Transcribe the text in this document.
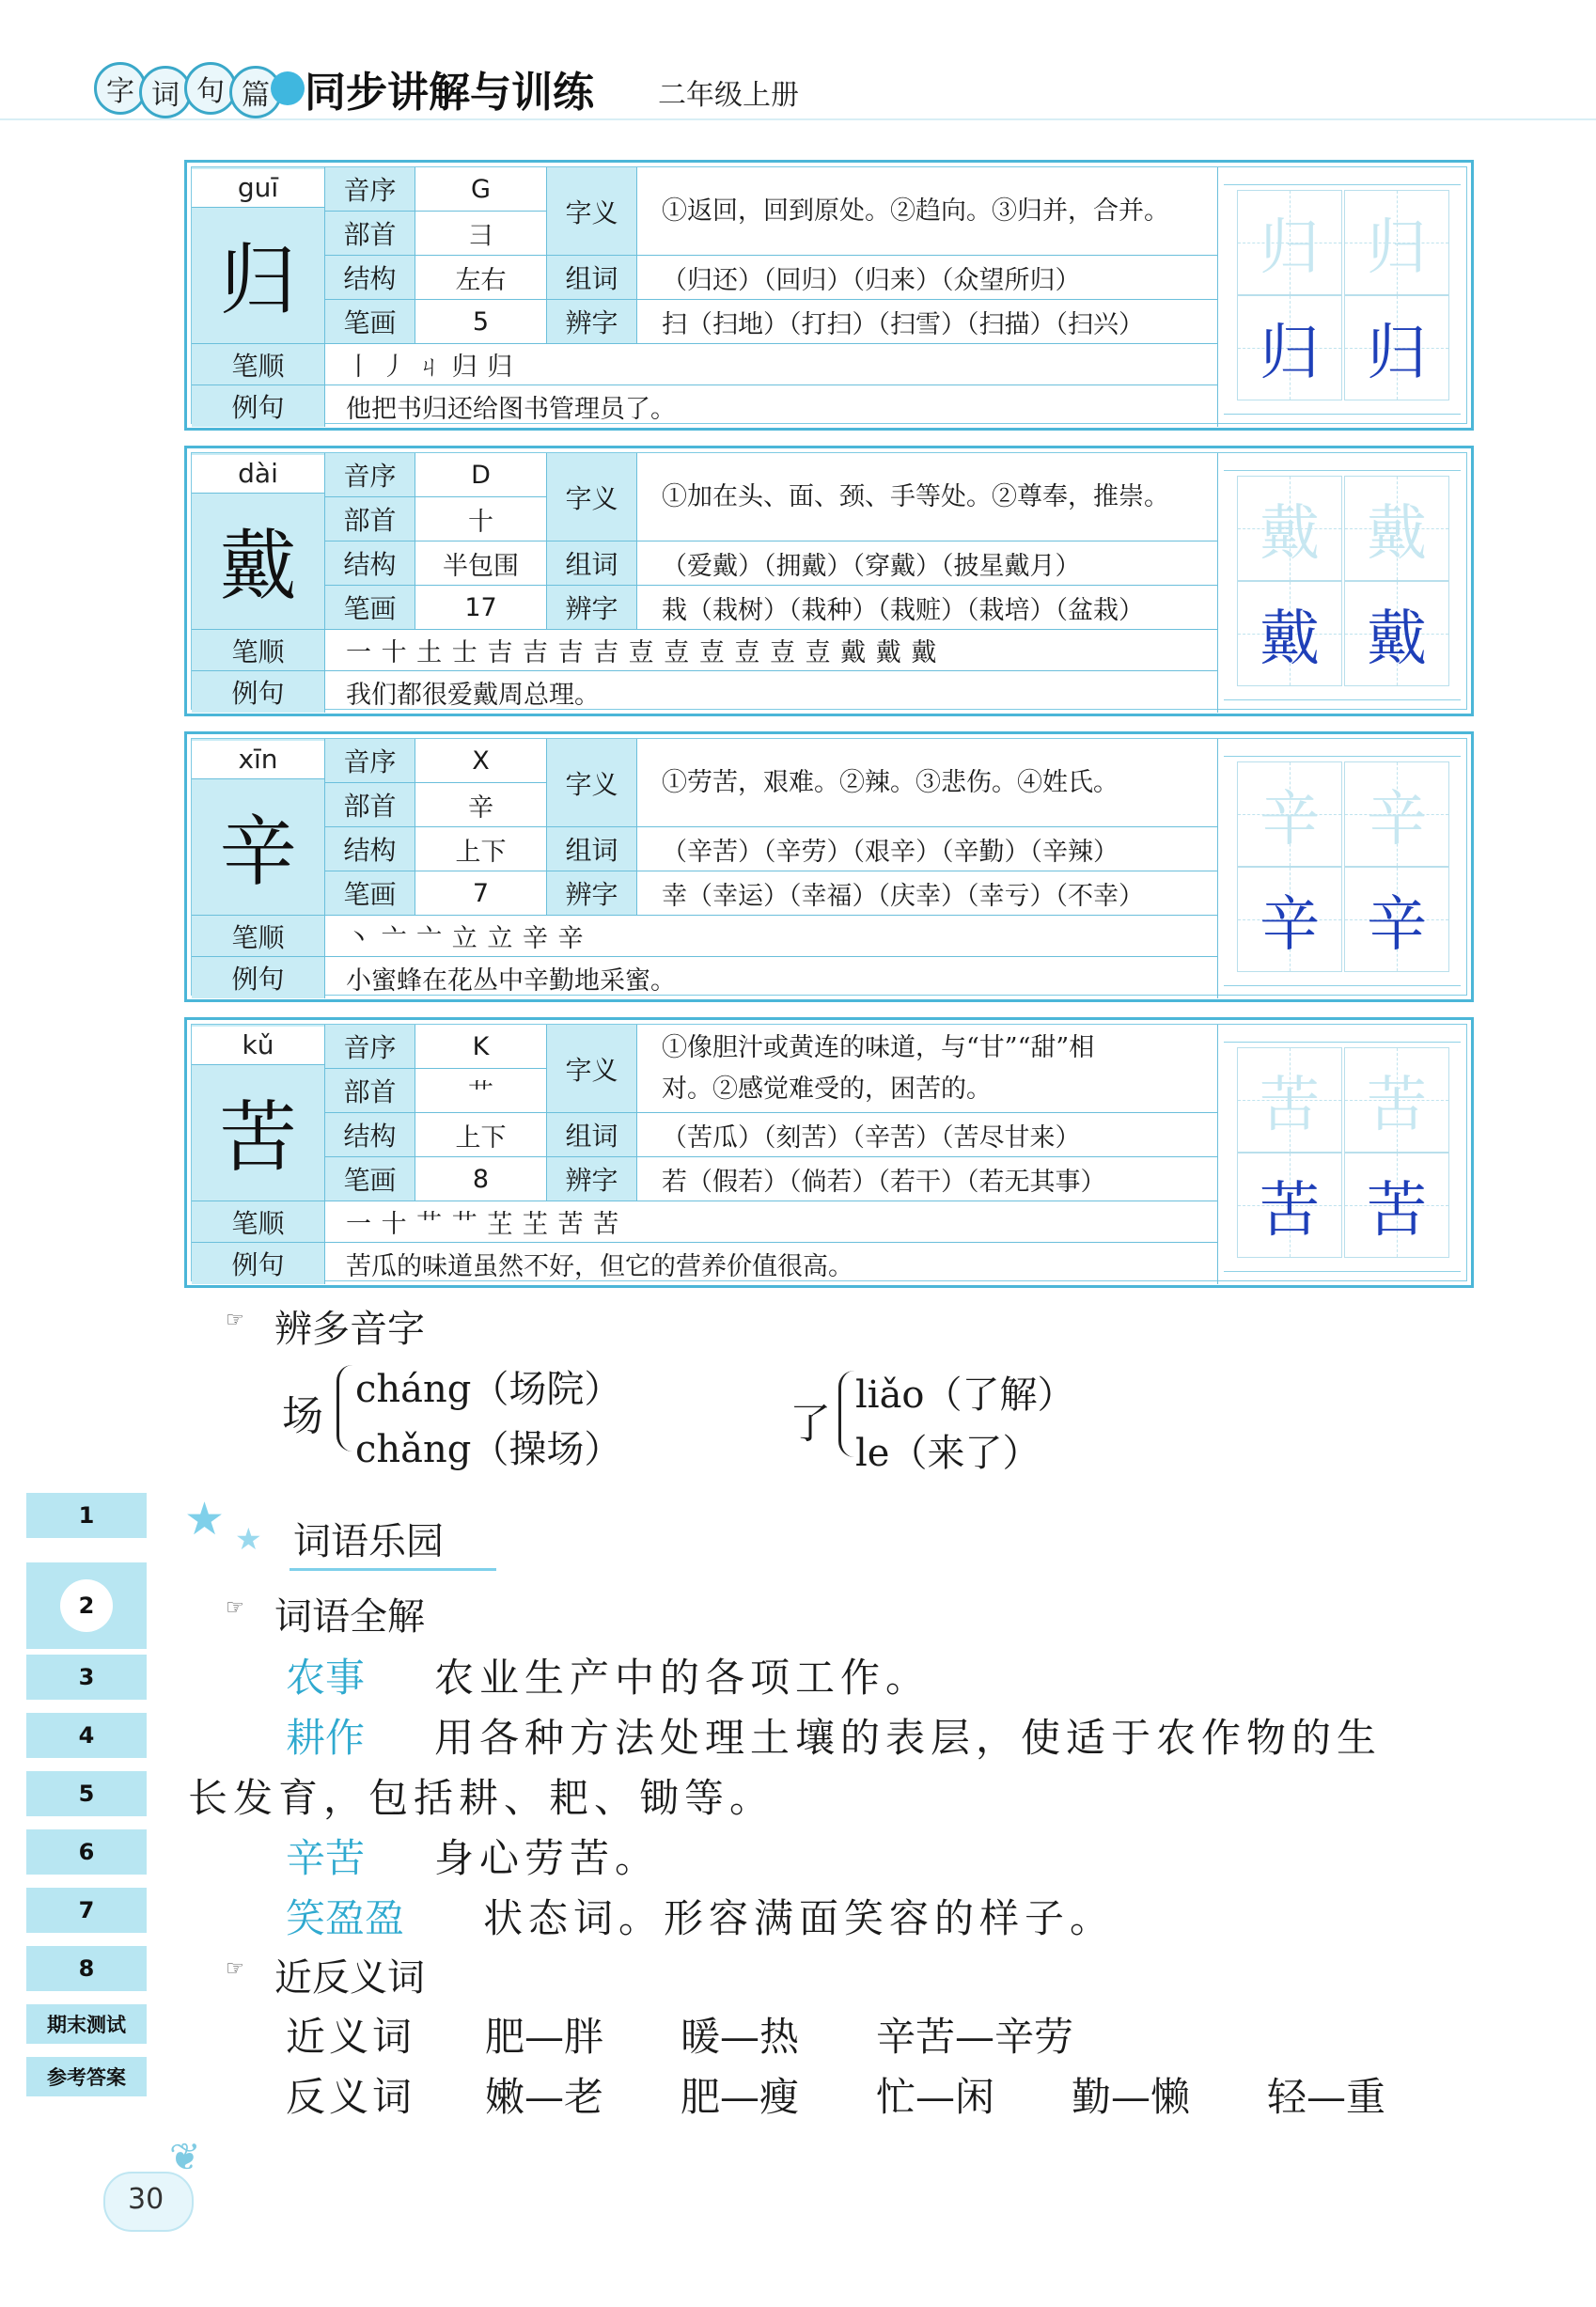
字 词 句 篇 同步讲解与训练 二年级上册
guī
归
音序	G
部首	彐
结构	左右
笔画	5
字义	①返回，回到原处。②趋向。③归并，合并。
组词	（归还）（回归）（归来）（众望所归）
辨字	扫（扫地）（打扫）（扫雪）（扫描）（扫兴）
笔顺	丨 丿 ㄐ 归 归
例句	他把书归还给图书管理员了。
归
归
归
归
dài
戴
音序	D
部首	十
结构	半包围
笔画	17
字义	①加在头、面、颈、手等处。②尊奉，推崇。
组词	（爱戴）（拥戴）（穿戴）（披星戴月）
辨字	栽（栽树）（栽种）（栽赃）（栽培）（盆栽）
笔顺	一 十 土 士 吉 吉 吉 吉 壴 壴 壴 壴 壴 壴 戴 戴 戴
例句	我们都很爱戴周总理。
戴
戴
戴
戴
xīn
辛
音序	X
部首	辛
结构	上下
笔画	7
字义	①劳苦，艰难。②辣。③悲伤。④姓氏。
组词	（辛苦）（辛劳）（艰辛）（辛勤）（辛辣）
辨字	幸（幸运）（幸福）（庆幸）（幸亏）（不幸）
笔顺	丶 亠 亠 立 立 辛 辛
例句	小蜜蜂在花丛中辛勤地采蜜。
辛
辛
辛
辛
kǔ
苦
音序	K
部首	艹
结构	上下
笔画	8
字义
①像胆汁或黄连的味道，与“甘”“甜”相
对。②感觉难受的，困苦的。
组词	（苦瓜）（刻苦）（辛苦）（苦尽甘来）
辨字	若（假若）（倘若）（若干）（若无其事）
笔顺	一 十 艹 艹 芏 芏 苦 苦
例句	苦瓜的味道虽然不好，但它的营养价值很高。
苦
苦
苦
苦
☞ 辨多音字
场
cháng（场院）
chǎng（操场）
了
liǎo（了解）
le（来了）
★ ★ 词语乐园
☞ 词语全解
农事 农业生产中的各项工作。
耕作 用各种方法处理土壤的表层，使适于农作物的生
长发育，包括耕、耙、锄等。
辛苦 身心劳苦。
笑盈盈 状态词。形容满面笑容的样子。
☞ 近反义词
近义词 肥—胖 暖—热 辛苦—辛劳
反义词 嫩—老 肥—瘦 忙—闲 勤—懒 轻—重
1
2
3
4
5
6
7
8
期末测试
参考答案
❦
30
